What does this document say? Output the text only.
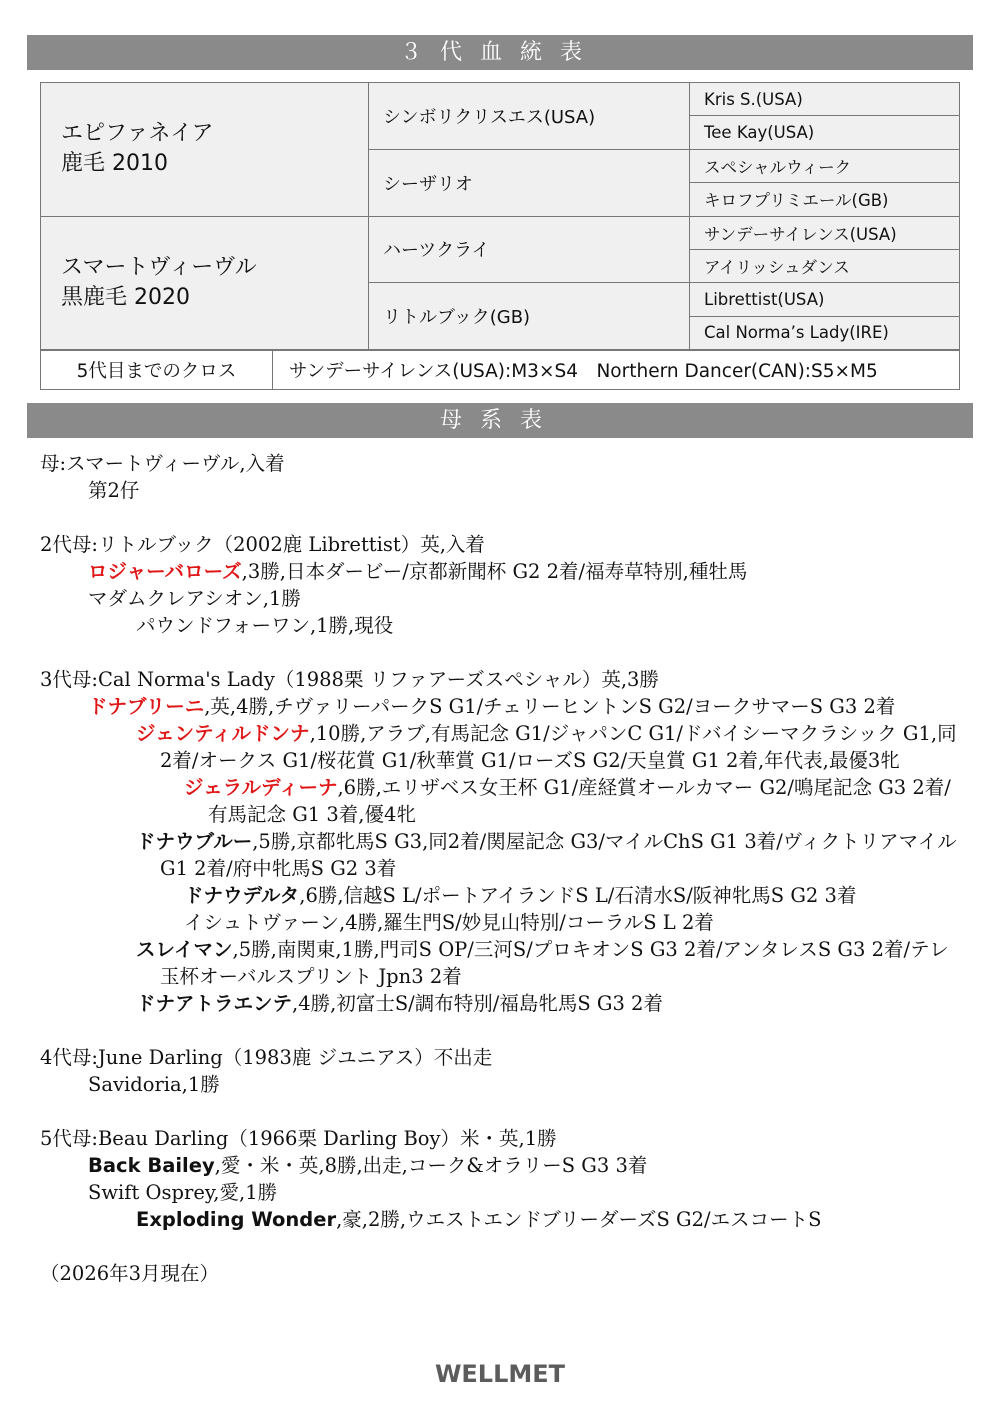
３代血統表
エピファネイア
鹿毛 2010	シンボリクリスエス(USA)	Kris S.(USA)
		Tee Kay(USA)
	シーザリオ	スペシャルウィーク
		キロフプリミエール(GB)

スマートヴィーヴル
黒鹿毛 2020	ハーツクライ	サンデーサイレンス(USA)
		アイリッシュダンス
	リトルブック(GB)	Librettist(USA)
		Cal Norma’s Lady(IRE)
5代目までのクロス	サンデーサイレンス(USA):M3×S4　Northern Dancer(CAN):S5×M5
母系表

母:スマートヴィーヴル,入着

第2仔

2代母:リトルブック（2002鹿 Librettist）英,入着

ロジャーバローズ,3勝,日本ダービー/京都新聞杯 G2 2着/福寿草特別,種牡馬

マダムクレアシオン,1勝

パウンドフォーワン,1勝,現役

3代母:Cal Norma's Lady（1988栗 リファアーズスペシャル）英,3勝

ドナブリーニ,英,4勝,チヴァリーパークS G1/チェリーヒントンS G2/ヨークサマーS G3 2着

ジェンティルドンナ,10勝,アラブ,有馬記念 G1/ジャパンC G1/ドバイシーマクラシック G1,同2着/オークス G1/桜花賞 G1/秋華賞 G1/ローズS G2/天皇賞 G1 2着,年代表,最優3牝

ジェラルディーナ,6勝,エリザベス女王杯 G1/産経賞オールカマー G2/鳴尾記念 G3 2着/有馬記念 G1 3着,優4牝

ドナウブルー,5勝,京都牝馬S G3,同2着/関屋記念 G3/マイルChS G1 3着/ヴィクトリアマイル G1 2着/府中牝馬S G2 3着

ドナウデルタ,6勝,信越S L/ポートアイランドS L/石清水S/阪神牝馬S G2 3着

イシュトヴァーン,4勝,羅生門S/妙見山特別/コーラルS L 2着

スレイマン,5勝,南関東,1勝,門司S OP/三河S/プロキオンS G3 2着/アンタレスS G3 2着/テレ玉杯オーバルスプリント Jpn3 2着

ドナアトラエンテ,4勝,初富士S/調布特別/福島牝馬S G3 2着

4代母:June Darling（1983鹿 ジユニアス）不出走

Savidoria,1勝

5代母:Beau Darling（1966栗 Darling Boy）米・英,1勝

Back Bailey,愛・米・英,8勝,出走,コーク&オラリーS G3 3着

Swift Osprey,愛,1勝

Exploding Wonder,豪,2勝,ウエストエンドブリーダーズS G2/エスコートS

（2026年3月現在）

WELLMET
